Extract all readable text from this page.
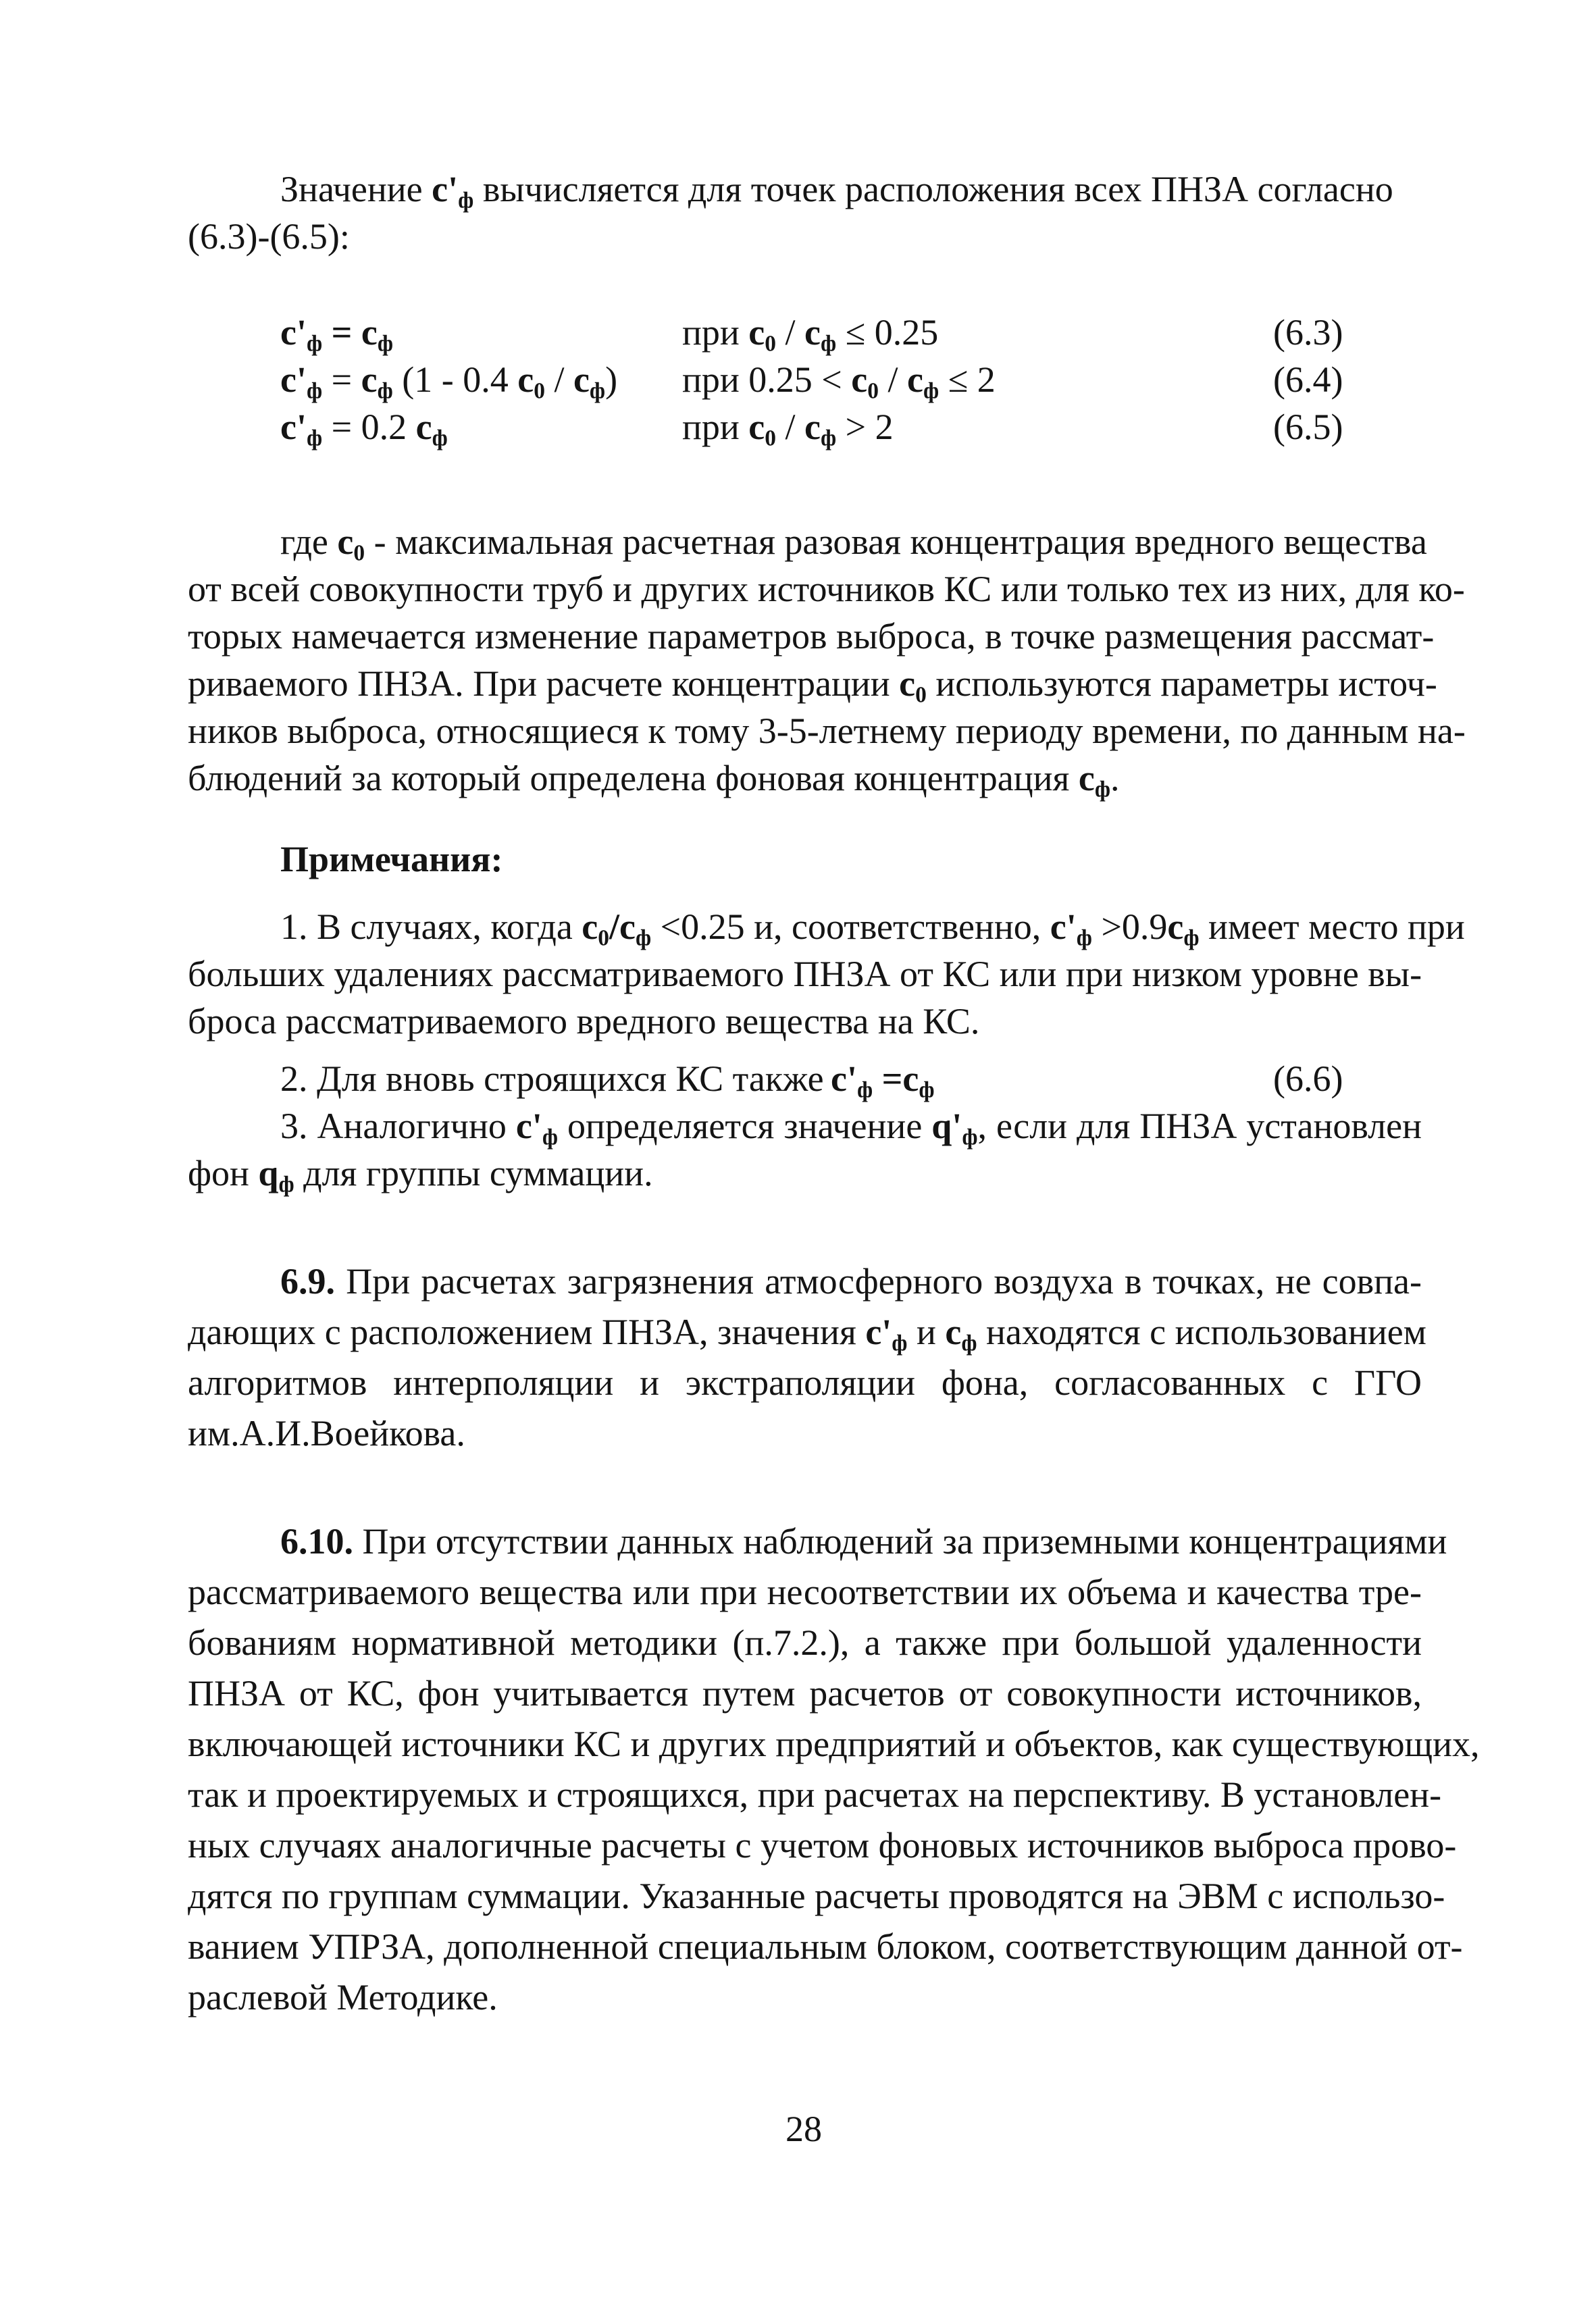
Значение $c'_ф$ вычисляется для точек расположения всех ПНЗА согласно
(6.3)-(6.5):
$c'_ф = c_ф$	при $c_0 / c_ф \le 0.25$	(6.3)
$c'_ф = c_ф$ (1 - 0.4 $c_0 / c_ф$) при $0.25 < c_0 / c_ф \le 2$	(6.4)
$c'_ф = 0.2$ $c_ф$	при $c_0 / c_ф > 2$	(6.5)
где $c_0$ - максимальная расчетная разовая концентрация вредного вещества
от всей совокупности труб и других источников КС или только тех из них, для ко-
торых намечается изменение параметров выброса, в точке размещения рассмат-
риваемого ПНЗА. При расчете концентрации $c_0$ используются параметры источ-
ников выброса, относящиеся к тому 3-5-летнему периоду времени, по данным на-
блюдений за который определена фоновая концентрация $c_ф$.
Примечания:
1. В случаях, когда $c_0/c_ф <0.25$ и, соответственно, $c'_ф >0.9c_ф$ имеет место при
больших удалениях рассматриваемого ПНЗА от КС или при низком уровне вы-
броса рассматриваемого вредного вещества на КС.
2. Для вновь строящихся КС также $c'_ф =c_ф$	(6.6)
3. Аналогично $c'_ф$ определяется значение $q'_ф$, если для ПНЗА установлен
фон $q_ф$ для группы суммации.
6.9. При расчетах загрязнения атмосферного воздуха в точках, не совпа-
дающих с расположением ПНЗА, значения $c'_ф$ и $c_ф$ находятся с использованием
алгоритмов интерполяции и экстраполяции фона, согласованных с ГГО
им.А.И.Воейкова.
6.10. При отсутствии данных наблюдений за приземными концентрациями
рассматриваемого вещества или при несоответствии их объема и качества тре-
бованиям нормативной методики (п.7.2.), а также при большой удаленности
ПНЗА от КС, фон учитывается путем расчетов от совокупности источников,
включающей источники КС и других предприятий и объектов, как существующих,
так и проектируемых и строящихся, при расчетах на перспективу. В установлен-
ных случаях аналогичные расчеты с учетом фоновых источников выброса прово-
дятся по группам суммации. Указанные расчеты проводятся на ЭВМ с использо-
ванием УПРЗА, дополненной специальным блоком, соответствующим данной от-
раслевой Методике.
28
